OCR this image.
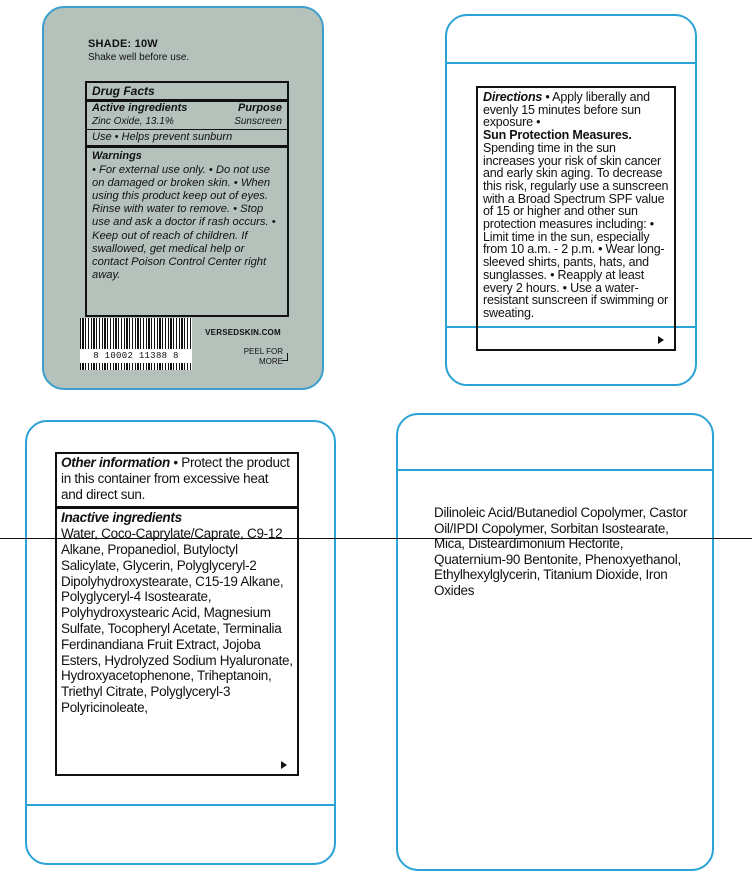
SHADE: 10W
Shake well before use.
Drug Facts
Active ingredients	Purpose
Zinc Oxide, 13.1%	Sunscreen
Use • Helps prevent sunburn
Warnings
• For external use only. • Do not use on damaged or broken skin. • When using this product keep out of eyes. Rinse with water to remove. • Stop use and ask a doctor if rash occurs. • Keep out of reach of children. If swallowed, get medical help or contact Poison Control Center right away.
8 10002 11388 8
VERSEDSKIN.COM
PEEL FOR MORE
Directions • Apply liberally and evenly 15 minutes before sun exposure •
Sun Protection Measures.
Spending time in the sun increases your risk of skin cancer and early skin aging. To decrease this risk, regularly use a sunscreen with a Broad Spectrum SPF value of 15 or higher and other sun protection measures including: • Limit time in the sun, especially from 10 a.m. - 2 p.m. • Wear long-sleeved shirts, pants, hats, and sunglasses. • Reapply at least every 2 hours. • Use a water-resistant sunscreen if swimming or sweating.
Other information • Protect the product in this container from excessive heat and direct sun.
Inactive ingredients
Water, Coco-Caprylate/Caprate, C9-12 Alkane, Propanediol, Butyloctyl Salicylate, Glycerin, Polyglyceryl-2 Dipolyhydroxystearate, C15-19 Alkane, Polyglyceryl-4 Isostearate, Polyhydroxystearic Acid, Magnesium Sulfate, Tocopheryl Acetate, Terminalia Ferdinandiana Fruit Extract, Jojoba Esters, Hydrolyzed Sodium Hyaluronate, Hydroxyacetophenone, Triheptanoin, Triethyl Citrate, Polyglyceryl-3 Polyricinoleate,
Dilinoleic Acid/Butanediol Copolymer, Castor Oil/IPDI Copolymer, Sorbitan Isostearate, Mica, Disteardimonium Hectorite, Quaternium-90 Bentonite, Phenoxyethanol, Ethylhexylglycerin, Titanium Dioxide, Iron Oxides
